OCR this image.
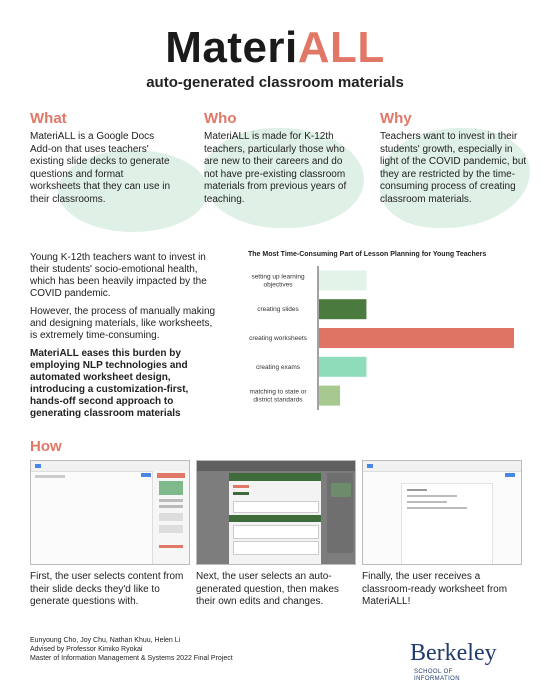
MateriALL
auto-generated classroom materials
What
MateriALL is a Google Docs Add-on that uses teachers' existing slide decks to generate questions and format worksheets that they can use in their classrooms.
Who
MateriALL is made for K-12th teachers, particularly those who are new to their careers and do not have pre-existing classroom materials from previous years of teaching.
Why
Teachers want to invest in their students' growth, especially in light of the COVID pandemic, but they are restricted by the time-consuming process of creating classroom materials.
Young K-12th teachers want to invest in their students' socio-emotional health, which has been heavily impacted by the COVID pandemic.
However, the process of manually making and designing materials, like worksheets, is extremely time-consuming.
MateriALL eases this burden by employing NLP technologies and automated worksheet design, introducing a customization-first, hands-off second approach to generating classroom materials
The Most Time-Consuming Part of Lesson Planning for Young Teachers
setting up learning objectives
creating slides
creating worksheets
creating exams
matching to state or district standards
How
First, the user selects content from their slide decks they'd like to generate questions with.
Next, the user selects an auto-generated question, then makes their own edits and changes.
Finally, the user receives a classroom-ready worksheet from MateriALL!
Eunyoung Cho, Joy Chu, Nathan Khuu, Helen Li
Advised by Professor Kimiko Ryokai
Master of Information Management & Systems 2022 Final Project	Berkeley
SCHOOL OF
INFORMATION
